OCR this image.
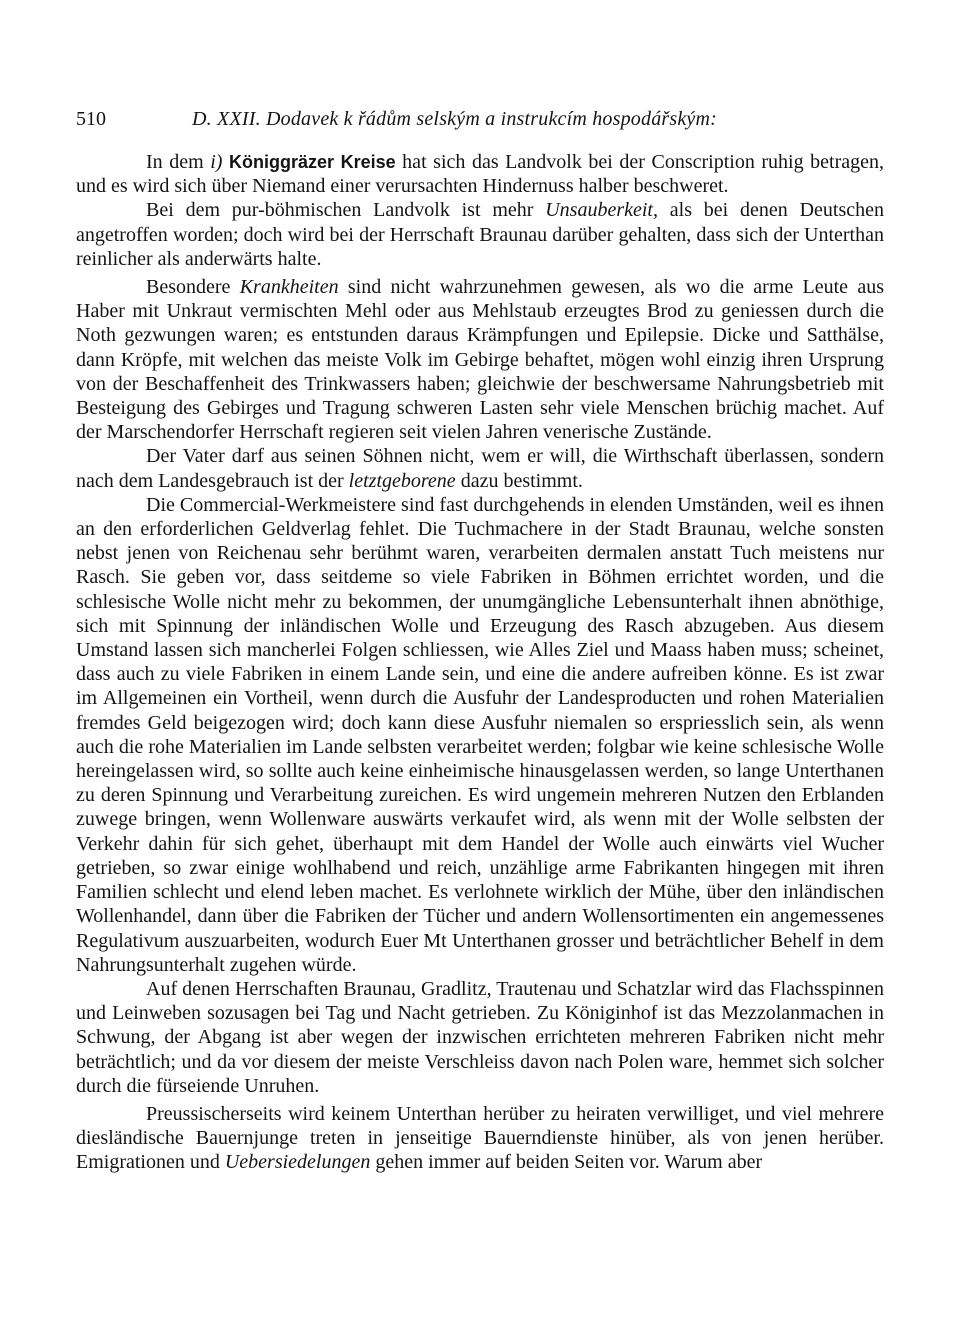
510	D. XXII. Dodavek k řádům selským a instrukcím hospodářským:

In dem i) Königgräzer Kreise hat sich das Landvolk bei der Conscription ruhig betragen, und es wird sich über Niemand einer verursachten Hindernuss halber beschweret.

Bei dem pur-böhmischen Landvolk ist mehr Unsauberkeit, als bei denen Deutschen angetroffen worden; doch wird bei der Herrschaft Braunau darüber gehalten, dass sich der Unterthan reinlicher als anderwärts halte.

Besondere Krankheiten sind nicht wahrzunehmen gewesen, als wo die arme Leute aus Haber mit Unkraut vermischten Mehl oder aus Mehlstaub erzeugtes Brod zu geniessen durch die Noth gezwungen waren; es entstunden daraus Krämpfungen und Epilepsie. Dicke und Satthälse, dann Kröpfe, mit welchen das meiste Volk im Gebirge behaftet, mögen wohl einzig ihren Ursprung von der Beschaffenheit des Trinkwassers haben; gleichwie der beschwersame Nahrungsbetrieb mit Besteigung des Gebirges und Tragung schweren Lasten sehr viele Menschen brüchig machet. Auf der Marschendorfer Herrschaft regieren seit vielen Jahren venerische Zustände.

Der Vater darf aus seinen Söhnen nicht, wem er will, die Wirthschaft überlassen, sondern nach dem Landesgebrauch ist der letztgeborene dazu bestimmt.

Die Commercial-Werkmeistere sind fast durchgehends in elenden Umständen, weil es ihnen an den erforderlichen Geldverlag fehlet. Die Tuchmachere in der Stadt Braunau, welche sonsten nebst jenen von Reichenau sehr berühmt waren, verarbeiten dermalen anstatt Tuch meistens nur Rasch. Sie geben vor, dass seitdeme so viele Fabriken in Böhmen errichtet worden, und die schlesische Wolle nicht mehr zu bekommen, der unumgängliche Lebensunterhalt ihnen abnöthige, sich mit Spinnung der inländischen Wolle und Erzeugung des Rasch abzugeben. Aus diesem Umstand lassen sich mancherlei Folgen schliessen, wie Alles Ziel und Maass haben muss; scheinet, dass auch zu viele Fabriken in einem Lande sein, und eine die andere aufreiben könne. Es ist zwar im Allgemeinen ein Vortheil, wenn durch die Ausfuhr der Landesproducten und rohen Materialien fremdes Geld beigezogen wird; doch kann diese Ausfuhr niemalen so erspriesslich sein, als wenn auch die rohe Materialien im Lande selbsten verarbeitet werden; folgbar wie keine schlesische Wolle hereingelassen wird, so sollte auch keine einheimische hinausgelassen werden, so lange Unterthanen zu deren Spinnung und Verarbeitung zureichen. Es wird ungemein mehreren Nutzen den Erblanden zuwege bringen, wenn Wollenware auswärts verkaufet wird, als wenn mit der Wolle selbsten der Verkehr dahin für sich gehet, überhaupt mit dem Handel der Wolle auch einwärts viel Wucher getrieben, so zwar einige wohlhabend und reich, unzählige arme Fabrikanten hingegen mit ihren Familien schlecht und elend leben machet. Es verlohnete wirklich der Mühe, über den inländischen Wollenhandel, dann über die Fabriken der Tücher und andern Wollensortimenten ein angemessenes Regulativum auszuarbeiten, wodurch Euer Mt Unterthanen grosser und beträchtlicher Behelf in dem Nahrungsunterhalt zugehen würde.

Auf denen Herrschaften Braunau, Gradlitz, Trautenau und Schatzlar wird das Flachsspinnen und Leinweben sozusagen bei Tag und Nacht getrieben. Zu Königinhof ist das Mezzolanmachen in Schwung, der Abgang ist aber wegen der inzwischen errichteten mehreren Fabriken nicht mehr beträchtlich; und da vor diesem der meiste Verschleiss davon nach Polen ware, hemmet sich solcher durch die fürseiende Unruhen.

Preussischerseits wird keinem Unterthan herüber zu heiraten verwilliget, und viel mehrere dieslӓndische Bauernjunge treten in jenseitige Bauerndienste hinüber, als von jenen herüber. Emigrationen und Uebersiedelungen gehen immer auf beiden Seiten vor. Warum aber
